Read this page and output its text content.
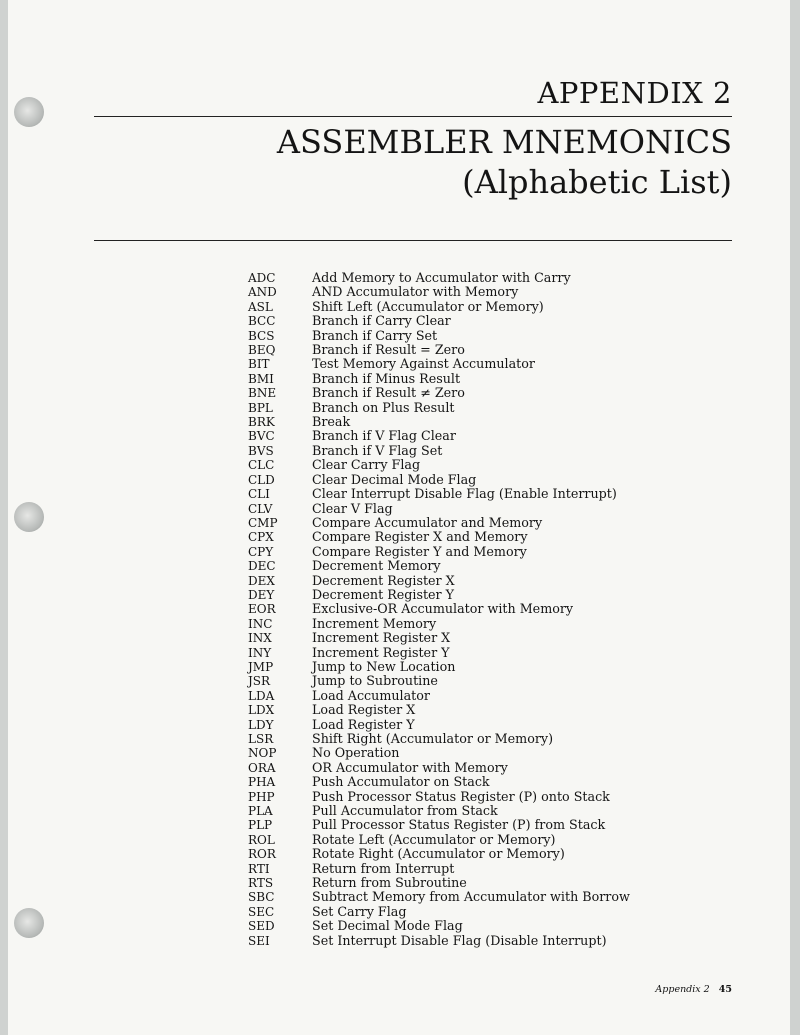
APPENDIX 2
ASSEMBLER MNEMONICS
(Alphabetic List)
ADC	Add Memory to Accumulator with Carry
AND	AND Accumulator with Memory
ASL	Shift Left (Accumulator or Memory)
BCC	Branch if Carry Clear
BCS	Branch if Carry Set
BEQ	Branch if Result = Zero
BIT	Test Memory Against Accumulator
BMI	Branch if Minus Result
BNE	Branch if Result ≠ Zero
BPL	Branch on Plus Result
BRK	Break
BVC	Branch if V Flag Clear
BVS	Branch if V Flag Set
CLC	Clear Carry Flag
CLD	Clear Decimal Mode Flag
CLI	Clear Interrupt Disable Flag (Enable Interrupt)
CLV	Clear V Flag
CMP	Compare Accumulator and Memory
CPX	Compare Register X and Memory
CPY	Compare Register Y and Memory
DEC	Decrement Memory
DEX	Decrement Register X
DEY	Decrement Register Y
EOR	Exclusive-OR Accumulator with Memory
INC	Increment Memory
INX	Increment Register X
INY	Increment Register Y
JMP	Jump to New Location
JSR	Jump to Subroutine
LDA	Load Accumulator
LDX	Load Register X
LDY	Load Register Y
LSR	Shift Right (Accumulator or Memory)
NOP	No Operation
ORA	OR Accumulator with Memory
PHA	Push Accumulator on Stack
PHP	Push Processor Status Register (P) onto Stack
PLA	Pull Accumulator from Stack
PLP	Pull Processor Status Register (P) from Stack
ROL	Rotate Left (Accumulator or Memory)
ROR	Rotate Right (Accumulator or Memory)
RTI	Return from Interrupt
RTS	Return from Subroutine
SBC	Subtract Memory from Accumulator with Borrow
SEC	Set Carry Flag
SED	Set Decimal Mode Flag
SEI	Set Interrupt Disable Flag (Disable Interrupt)
Appendix 2 45
